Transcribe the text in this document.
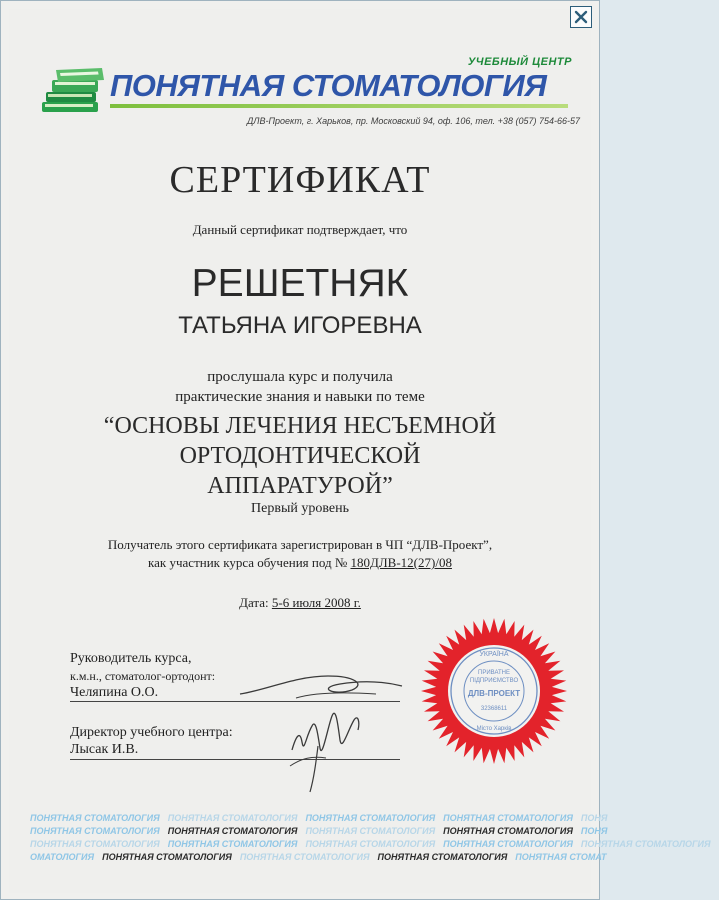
УЧЕБНЫЙ ЦЕНТР
ПОНЯТНАЯ СТОМАТОЛОГИЯ
ДЛВ-Проект, г. Харьков, пр. Московский 94, оф. 106, тел. +38 (057) 754-66-57
СЕРТИФИКАТ
Данный сертификат подтверждает, что
РЕШЕТНЯК
ТАТЬЯНА ИГОРЕВНА
прослушала курс и получила
практические знания и навыки по теме
“ОСНОВЫ ЛЕЧЕНИЯ НЕСЪЕМНОЙ
ОРТОДОНТИЧЕСКОЙ
АППАРАТУРОЙ”
Первый уровень
Получатель этого сертификата зарегистрирован в ЧП “ДЛВ-Проект”,
как участник курса обучения под № 180ДЛВ-12(27)/08
Дата: 5-6 июля 2008 г.
Руководитель курса,
к.м.н., стоматолог-ортодонт:
Челяпина О.О.
Директор учебного центра:
Лысак И.В.
УКРАЇНА
ПРИВАТНЕ
ПІДПРИЄМСТВО
ДЛВ-ПРОЕКТ
32368611
Місто Харків
ПОНЯТНАЯ СТОМАТОЛОГИЯ ПОНЯТНАЯ СТОМАТОЛОГИЯ ПОНЯТНАЯ СТОМАТОЛОГИЯ ПОНЯТНАЯ СТОМАТОЛОГИЯ ПОНЯ
ПОНЯТНАЯ СТОМАТОЛОГИЯ ПОНЯТНАЯ СТОМАТОЛОГИЯ ПОНЯТНАЯ СТОМАТОЛОГИЯ ПОНЯТНАЯ СТОМАТОЛОГИЯ ПОНЯ
ПОНЯТНАЯ СТОМАТОЛОГИЯ ПОНЯТНАЯ СТОМАТОЛОГИЯ ПОНЯТНАЯ СТОМАТОЛОГИЯ ПОНЯТНАЯ СТОМАТОЛОГИЯ ПОНЯТНАЯ СТОМАТОЛОГИЯ
ОМАТОЛОГИЯ ПОНЯТНАЯ СТОМАТОЛОГИЯ ПОНЯТНАЯ СТОМАТОЛОГИЯ ПОНЯТНАЯ СТОМАТОЛОГИЯ ПОНЯТНАЯ СТОМАТ
